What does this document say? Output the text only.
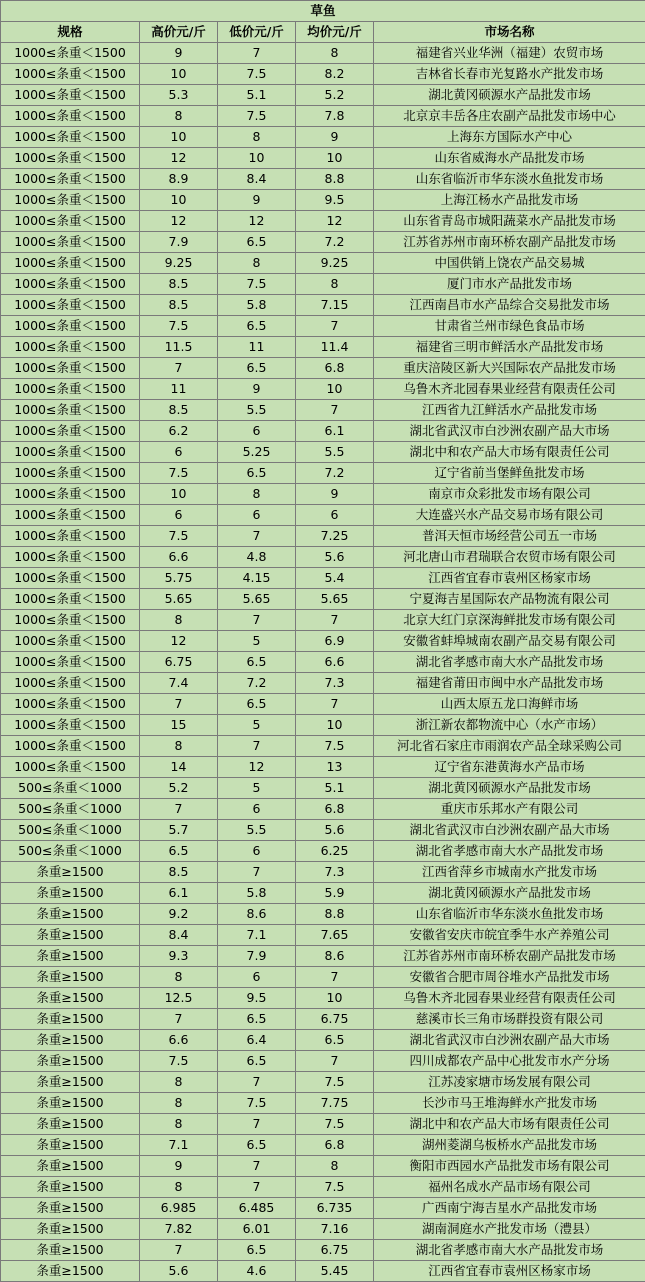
草鱼				
规格	高价元/斤	低价元/斤	均价元/斤	市场名称
1000≤条重＜1500	9	7	8	福建省兴业华洲（福建）农贸市场
1000≤条重＜1500	10	7.5	8.2	吉林省长春市光复路水产批发市场
1000≤条重＜1500	5.3	5.1	5.2	湖北黄冈硕源水产品批发市场
1000≤条重＜1500	8	7.5	7.8	北京京丰岳各庄农副产品批发市场中心
1000≤条重＜1500	10	8	9	上海东方国际水产中心
1000≤条重＜1500	12	10	10	山东省威海水产品批发市场
1000≤条重＜1500	8.9	8.4	8.8	山东省临沂市华东淡水鱼批发市场
1000≤条重＜1500	10	9	9.5	上海江杨水产品批发市场
1000≤条重＜1500	12	12	12	山东省青岛市城阳蔬菜水产品批发市场
1000≤条重＜1500	7.9	6.5	7.2	江苏省苏州市南环桥农副产品批发市场
1000≤条重＜1500	9.25	8	9.25	中国供销上饶农产品交易城
1000≤条重＜1500	8.5	7.5	8	厦门市水产品批发市场
1000≤条重＜1500	8.5	5.8	7.15	江西南昌市水产品综合交易批发市场
1000≤条重＜1500	7.5	6.5	7	甘肃省兰州市绿色食品市场
1000≤条重＜1500	11.5	11	11.4	福建省三明市鲜活水产品批发市场
1000≤条重＜1500	7	6.5	6.8	重庆涪陵区新大兴国际农产品批发市场
1000≤条重＜1500	11	9	10	乌鲁木齐北园春果业经营有限责任公司
1000≤条重＜1500	8.5	5.5	7	江西省九江鲜活水产品批发市场
1000≤条重＜1500	6.2	6	6.1	湖北省武汉市白沙洲农副产品大市场
1000≤条重＜1500	6	5.25	5.5	湖北中和农产品大市场有限责任公司
1000≤条重＜1500	7.5	6.5	7.2	辽宁省前当堡鲜鱼批发市场
1000≤条重＜1500	10	8	9	南京市众彩批发市场有限公司
1000≤条重＜1500	6	6	6	大连盛兴水产品交易市场有限公司
1000≤条重＜1500	7.5	7	7.25	普洱天恒市场经营公司五一市场
1000≤条重＜1500	6.6	4.8	5.6	河北唐山市君瑞联合农贸市场有限公司
1000≤条重＜1500	5.75	4.15	5.4	江西省宜春市袁州区杨家市场
1000≤条重＜1500	5.65	5.65	5.65	宁夏海吉星国际农产品物流有限公司
1000≤条重＜1500	8	7	7	北京大红门京深海鲜批发市场有限公司
1000≤条重＜1500	12	5	6.9	安徽省蚌埠城南农副产品交易有限公司
1000≤条重＜1500	6.75	6.5	6.6	湖北省孝感市南大水产品批发市场
1000≤条重＜1500	7.4	7.2	7.3	福建省莆田市闽中水产品批发市场
1000≤条重＜1500	7	6.5	7	山西太原五龙口海鲜市场
1000≤条重＜1500	15	5	10	浙江新农都物流中心（水产市场）
1000≤条重＜1500	8	7	7.5	河北省石家庄市雨润农产品全球采购公司
1000≤条重＜1500	14	12	13	辽宁省东港黄海水产品市场
500≤条重＜1000	5.2	5	5.1	湖北黄冈硕源水产品批发市场
500≤条重＜1000	7	6	6.8	重庆市乐邦水产有限公司
500≤条重＜1000	5.7	5.5	5.6	湖北省武汉市白沙洲农副产品大市场
500≤条重＜1000	6.5	6	6.25	湖北省孝感市南大水产品批发市场
条重≥1500	8.5	7	7.3	江西省萍乡市城南水产批发市场
条重≥1500	6.1	5.8	5.9	湖北黄冈硕源水产品批发市场
条重≥1500	9.2	8.6	8.8	山东省临沂市华东淡水鱼批发市场
条重≥1500	8.4	7.1	7.65	安徽省安庆市皖宜季牛水产养殖公司
条重≥1500	9.3	7.9	8.6	江苏省苏州市南环桥农副产品批发市场
条重≥1500	8	6	7	安徽省合肥市周谷堆水产品批发市场
条重≥1500	12.5	9.5	10	乌鲁木齐北园春果业经营有限责任公司
条重≥1500	7	6.5	6.75	慈溪市长三角市场群投资有限公司
条重≥1500	6.6	6.4	6.5	湖北省武汉市白沙洲农副产品大市场
条重≥1500	7.5	6.5	7	四川成都农产品中心批发市水产分场
条重≥1500	8	7	7.5	江苏凌家塘市场发展有限公司
条重≥1500	8	7.5	7.75	长沙市马王堆海鲜水产批发市场
条重≥1500	8	7	7.5	湖北中和农产品大市场有限责任公司
条重≥1500	7.1	6.5	6.8	湖州菱湖乌板桥水产品批发市场
条重≥1500	9	7	8	衡阳市西园水产品批发市场有限公司
条重≥1500	8	7	7.5	福州名成水产品市场有限公司
条重≥1500	6.985	6.485	6.735	广西南宁海吉星水产品批发市场
条重≥1500	7.82	6.01	7.16	湖南洞庭水产批发市场（澧县）
条重≥1500	7	6.5	6.75	湖北省孝感市南大水产品批发市场
条重≥1500	5.6	4.6	5.45	江西省宜春市袁州区杨家市场
